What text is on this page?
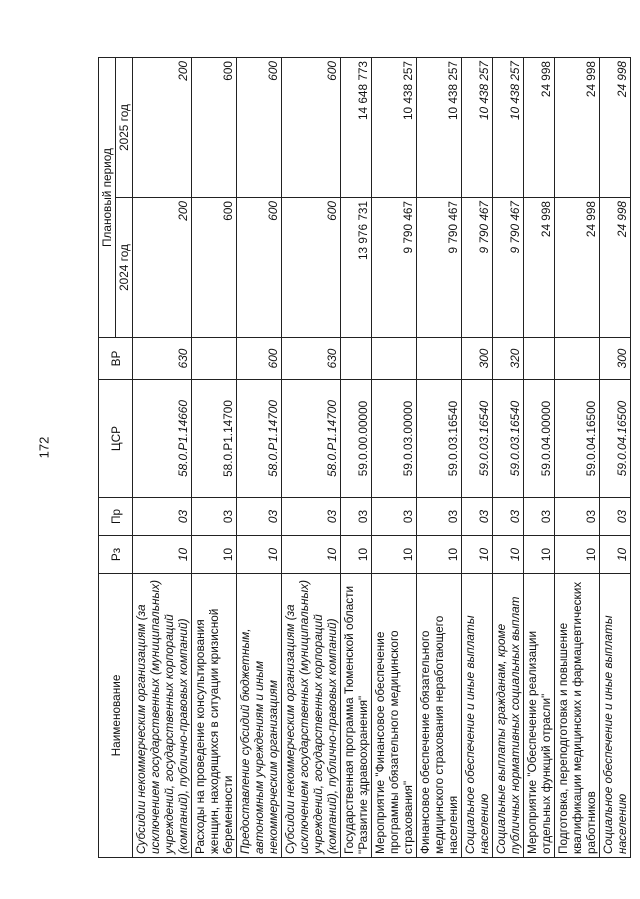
172
Наименование	Рз	Пр	ЦСР	ВР	Плановый период	
					2024 год	2025 год
Субсидии некоммерческим организациям (за исключением государственных (муниципальных) учреждений, государственных корпораций (компаний), публично-правовых компаний)	10	03	58.0.P1.14660	630	200	200
Расходы на проведение консультирования женщин, находящихся в ситуации кризисной беременности	10	03	58.0.P1.14700		600	600
Предоставление субсидий бюджетным, автономным учреждениям и иным некоммерческим организациям	10	03	58.0.P1.14700	600	600	600
Субсидии некоммерческим организациям (за исключением государственных (муниципальных) учреждений, государственных корпораций (компаний), публично-правовых компаний)	10	03	58.0.P1.14700	630	600	600
Государственная программа Тюменской области "Развитие здравоохранения"	10	03	59.0.00.00000		13 976 731	14 648 773
Мероприятие "Финансовое обеспечение программы обязательного медицинского страхования"	10	03	59.0.03.00000		9 790 467	10 438 257
Финансовое обеспечение обязательного медицинского страхования неработающего населения	10	03	59.0.03.16540		9 790 467	10 438 257
Социальное обеспечение и иные выплаты населению	10	03	59.0.03.16540	300	9 790 467	10 438 257
Социальные выплаты гражданам, кроме публичных нормативных социальных выплат	10	03	59.0.03.16540	320	9 790 467	10 438 257
Мероприятие "Обеспечение реализации отдельных функций отрасли"	10	03	59.0.04.00000		24 998	24 998
Подготовка, переподготовка и повышение квалификации медицинских и фармацевтических работников	10	03	59.0.04.16500		24 998	24 998
Социальное обеспечение и иные выплаты населению	10	03	59.0.04.16500	300	24 998	24 998
